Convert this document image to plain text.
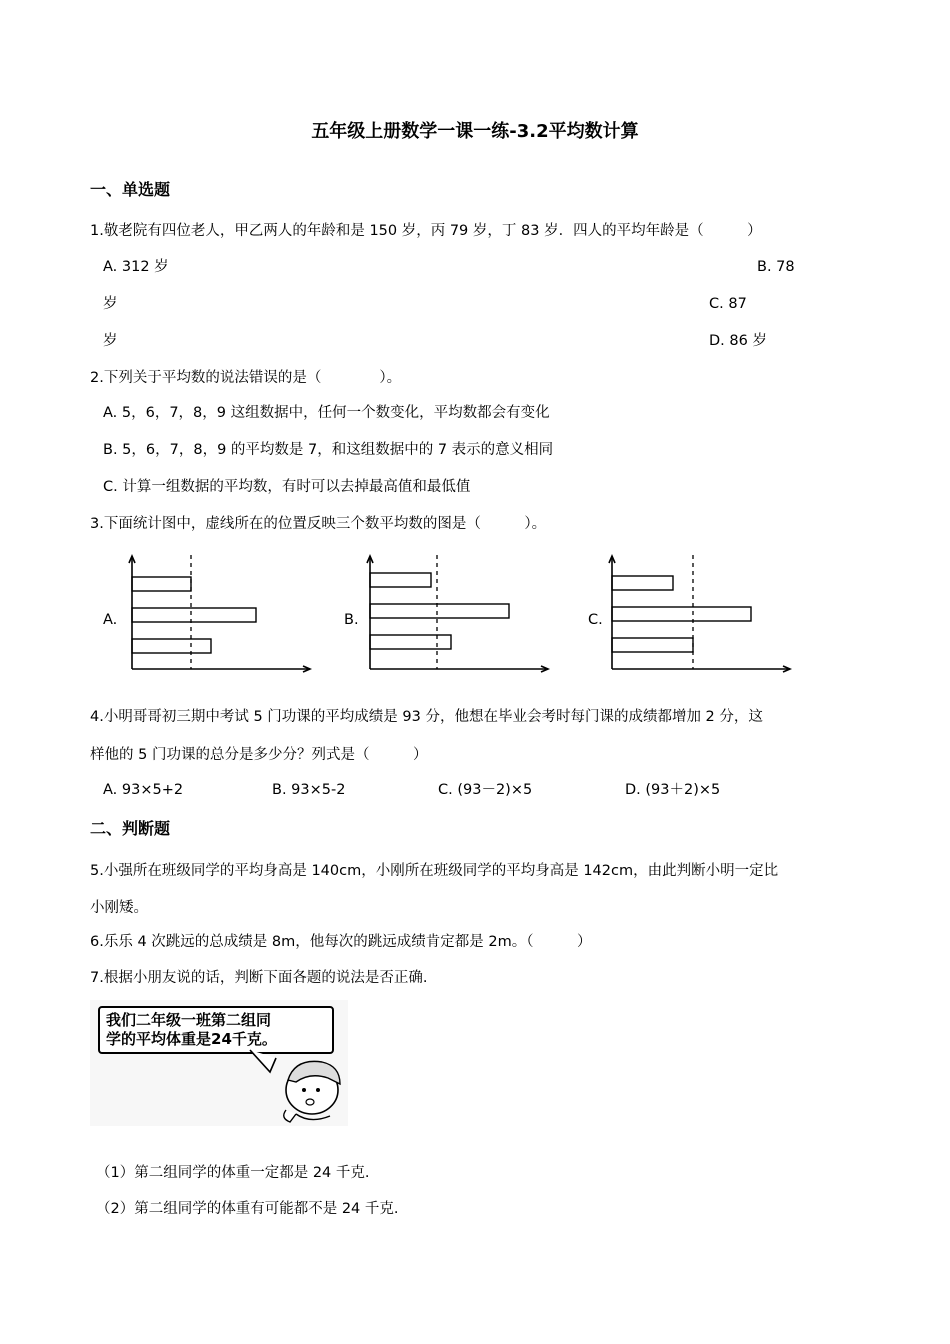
五年级上册数学一课一练-3.2平均数计算
一、单选题
1.敬老院有四位老人，甲乙两人的年龄和是 150 岁，丙 79 岁，丁 83 岁．四人的平均年龄是（　　　）
A. 312 岁	B. 78
岁	C. 87
岁	D. 86 岁
2.下列关于平均数的说法错误的是（　　　　）。
A. 5，6，7，8，9 这组数据中，任何一个数变化，平均数都会有变化
B. 5，6，7，8，9 的平均数是 7，和这组数据中的 7 表示的意义相同
C. 计算一组数据的平均数，有时可以去掉最高值和最低值
3.下面统计图中，虚线所在的位置反映三个数平均数的图是（　　　）。
A.	B.	C.
4.小明哥哥初三期中考试 5 门功课的平均成绩是 93 分，他想在毕业会考时每门课的成绩都增加 2 分，这
样他的 5 门功课的总分是多少分？列式是（　　　）
A. 93×5+2	B. 93×5-2	C. (93－2)×5	D. (93＋2)×5
二、判断题
5.小强所在班级同学的平均身高是 140cm，小刚所在班级同学的平均身高是 142cm，由此判断小明一定比
小刚矮。
6.乐乐 4 次跳远的总成绩是 8m，他每次的跳远成绩肯定都是 2m。（　　　）
7.根据小朋友说的话，判断下面各题的说法是否正确.
我们二年级一班第二组同
学的平均体重是24千克。
（1）第二组同学的体重一定都是 24 千克.
（2）第二组同学的体重有可能都不是 24 千克.
